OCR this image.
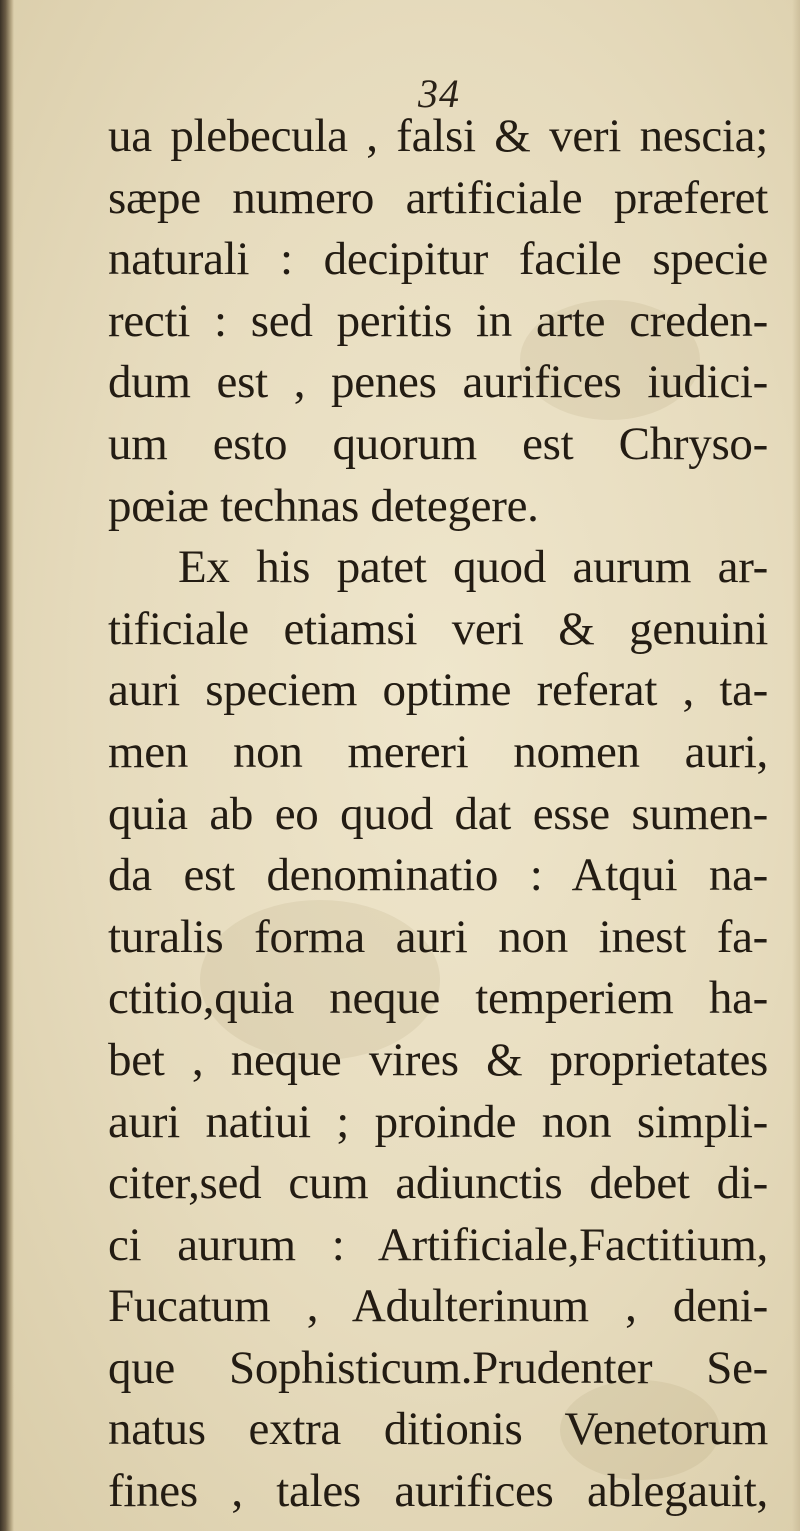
34
ua plebecula , falsi & veri nescia;
sæpe numero artificiale præferet
naturali : decipitur facile specie
recti : sed peritis in arte creden-
dum est , penes aurifices iudici-
um esto quorum est Chryso-
pœiæ technas detegere.
Ex his patet quod aurum ar-
tificiale etiamsi veri & genuini
auri speciem optime referat , ta-
men non mereri nomen auri,
quia ab eo quod dat esse sumen-
da est denominatio : Atqui na-
turalis forma auri non inest fa-
ctitio,quia neque temperiem ha-
bet , neque vires & proprietates
auri natiui ; proinde non simpli-
citer,sed cum adiunctis debet di-
ci aurum : Artificiale,Factitium,
Fucatum , Adulterinum , deni-
que Sophisticum.Prudenter Se-
natus extra ditionis Venetorum
fines , tales aurifices ablegauit,
